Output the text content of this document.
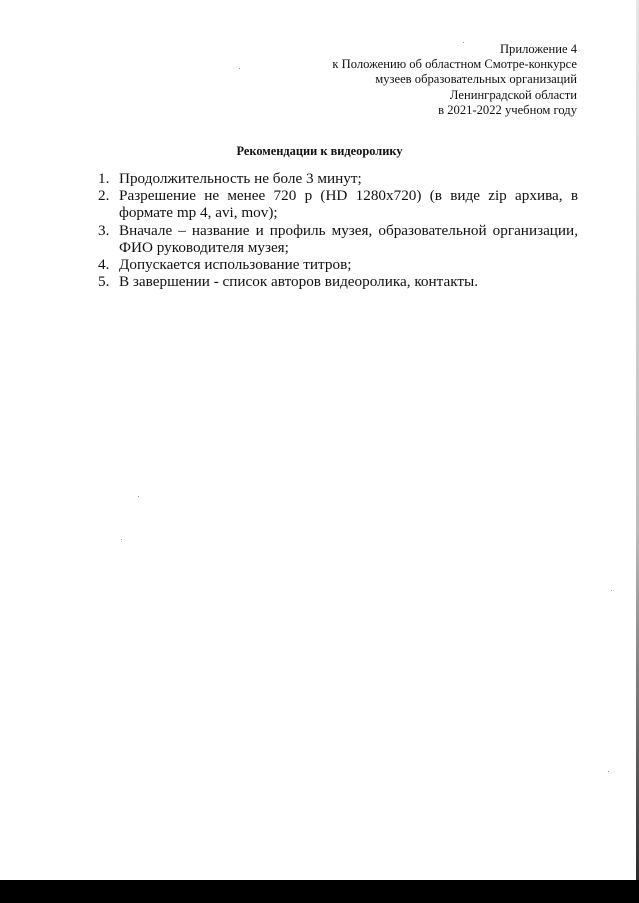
Приложение 4
к Положению об областном Смотре-конкурсе
музеев образовательных организаций
Ленинградской области
в 2021-2022 учебном году
Рекомендации к видеоролику
1. Продолжительность не боле 3 минут;
2. Разрешение не менее 720 р (HD 1280x720) (в виде zip архива, в формате mp 4, avi, mov);
3. Вначале – название и профиль музея, образовательной организации, ФИО руководителя музея;
4. Допускается использование титров;
5. В завершении - список авторов видеоролика, контакты.
